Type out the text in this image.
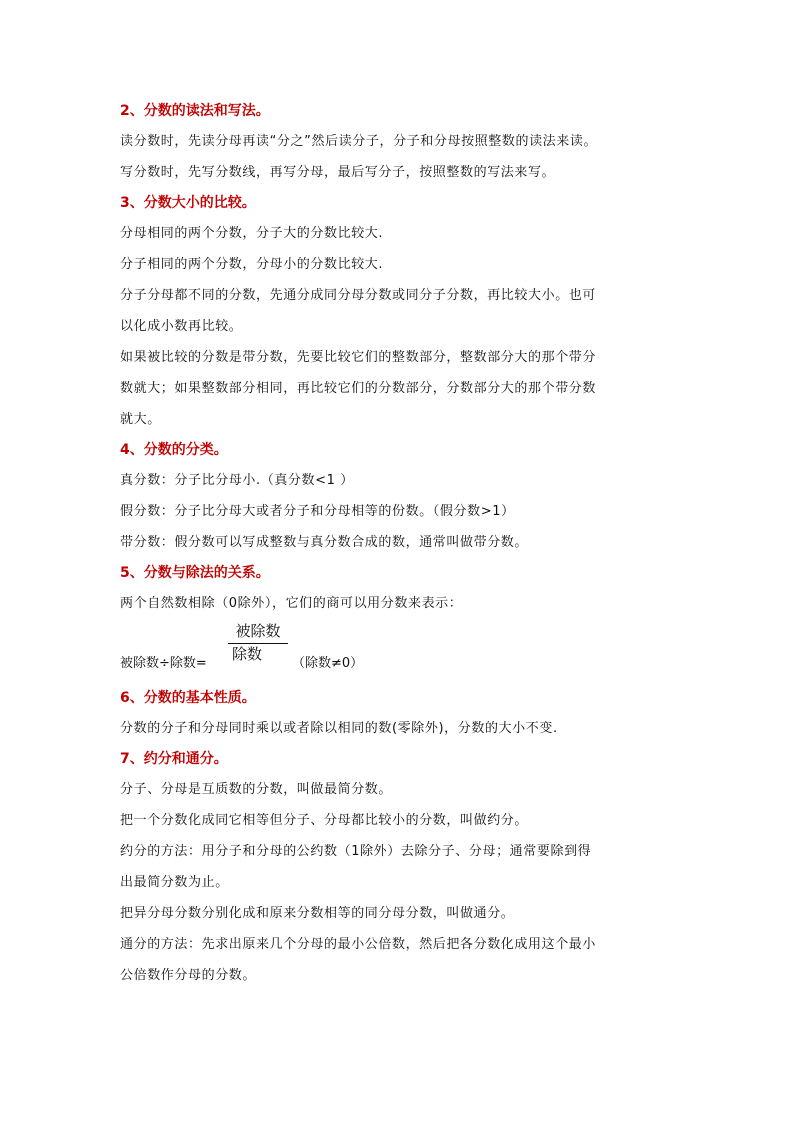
2、分数的读法和写法。
读分数时，先读分母再读“分之”然后读分子，分子和分母按照整数的读法来读。
写分数时，先写分数线，再写分母，最后写分子，按照整数的写法来写。
3、分数大小的比较。
分母相同的两个分数，分子大的分数比较大.
分子相同的两个分数，分母小的分数比较大.
分子分母都不同的分数，先通分成同分母分数或同分子分数，再比较大小。也可
以化成小数再比较。
如果被比较的分数是带分数，先要比较它们的整数部分，整数部分大的那个带分
数就大；如果整数部分相同，再比较它们的分数部分，分数部分大的那个带分数
就大。
4、分数的分类。
真分数：分子比分母小.（真分数<1 ）
假分数：分子比分母大或者分子和分母相等的份数。（假分数>1）
带分数：假分数可以写成整数与真分数合成的数，通常叫做带分数。
5、分数与除法的关系。
两个自然数相除（0除外），它们的商可以用分数来表示：
被除数÷除数=
被除数
除数
（除数≠0）
6、分数的基本性质。
分数的分子和分母同时乘以或者除以相同的数(零除外)，分数的大小不变.
7、约分和通分。
分子、分母是互质数的分数，叫做最简分数。
把一个分数化成同它相等但分子、分母都比较小的分数，叫做约分。
约分的方法：用分子和分母的公约数（1除外）去除分子、分母；通常要除到得
出最简分数为止。
把异分母分数分别化成和原来分数相等的同分母分数，叫做通分。
通分的方法：先求出原来几个分母的最小公倍数，然后把各分数化成用这个最小
公倍数作分母的分数。
